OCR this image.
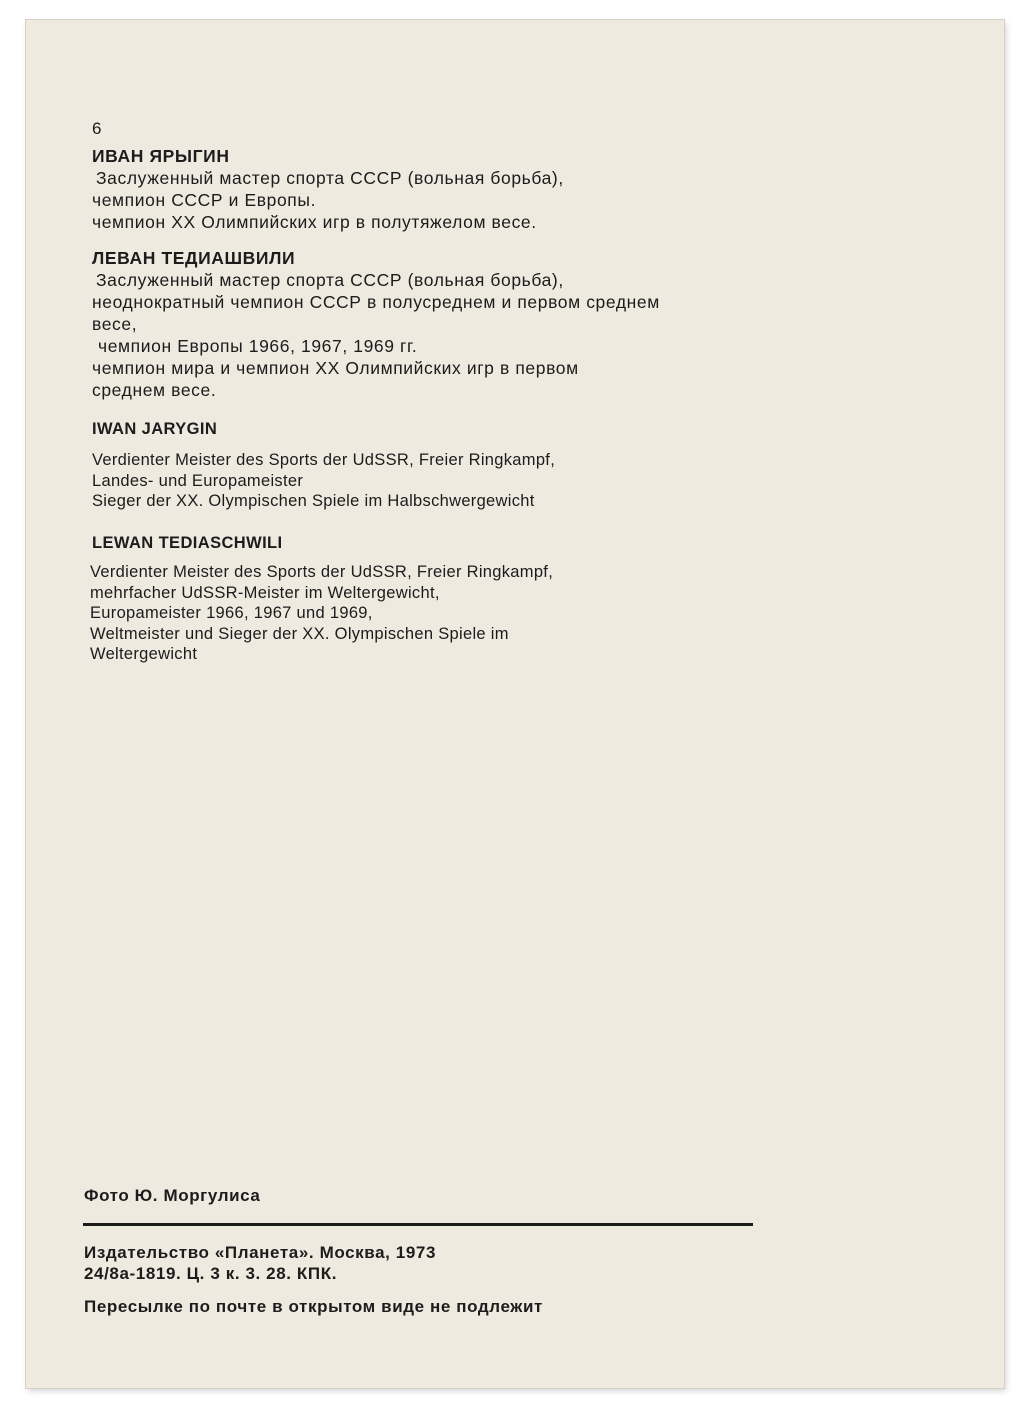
6
ИВАН ЯРЫГИН
Заслуженный мастер спорта СССР (вольная борьба),
чемпион СССР и Европы.
чемпион XX Олимпийских игр в полутяжелом весе.
ЛЕВАН ТЕДИАШВИЛИ
Заслуженный мастер спорта СССР (вольная борьба),
неоднократный чемпион СССР в полусреднем и первом среднем
весе,
чемпион Европы 1966, 1967, 1969 гг.
чемпион мира и чемпион XX Олимпийских игр в первом
среднем весе.
IWAN JARYGIN
Verdienter Meister des Sports der UdSSR, Freier Ringkampf,
Landes- und Europameister
Sieger der XX. Olympischen Spiele im Halbschwergewicht
LEWAN TEDIASCHWILI
Verdienter Meister des Sports der UdSSR, Freier Ringkampf,
mehrfacher UdSSR-Meister im Weltergewicht,
Europameister 1966, 1967 und 1969,
Weltmeister und Sieger der XX. Olympischen Spiele im
Weltergewicht
Фото Ю. Моргулиса
Издательство «Планета». Москва, 1973
24/8а-1819. Ц. 3 к. 3. 28. КПК.
Пересылке по почте в открытом виде не подлежит
